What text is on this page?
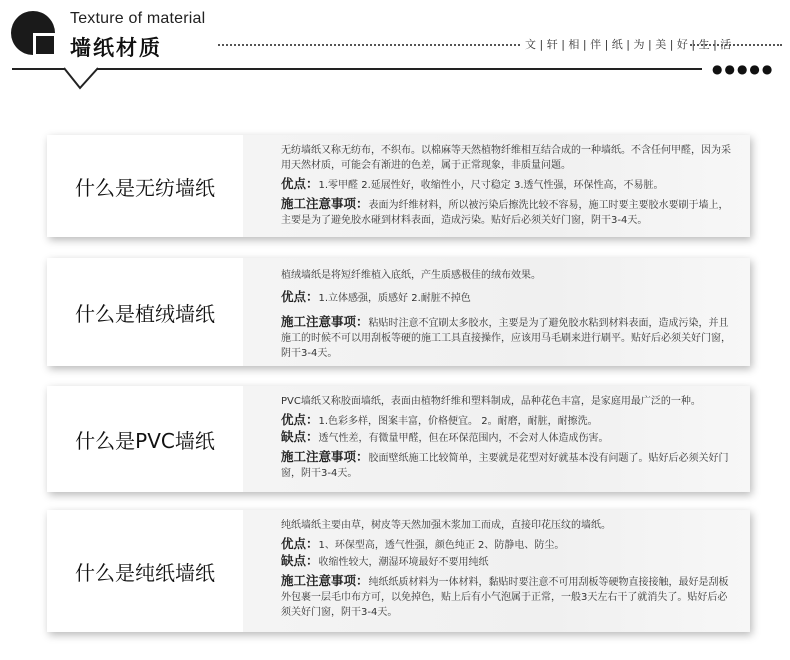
Texture of material
墙纸材质	文 | 轩 | 相 | 伴 | 纸 | 为 | 美 | 好 | 生 | 活
●●●●●
什么是无纺墙纸

无纺墙纸又称无纺布，不织布。以棉麻等天然植物纤维相互结合成的一种墙纸。不含任何甲醛，因为采用天然材质，可能会有渐进的色差，属于正常现象，非质量问题。

优点：1.零甲醛 2.延展性好，收缩性小，尺寸稳定 3.透气性强，环保性高，不易脏。

施工注意事项：表面为纤维材料，所以被污染后擦洗比较不容易，施工时要主要胶水要刷于墙上，主要是为了避免胶水碰到材料表面，造成污染。贴好后必须关好门窗，阴干3-4天。

什么是植绒墙纸

植绒墙纸是将短纤维植入底纸，产生质感极佳的绒布效果。

优点：1.立体感强，质感好 2.耐脏不掉色

施工注意事项：粘贴时注意不宜刷太多胶水，主要是为了避免胶水粘到材料表面，造成污染，并且施工的时候不可以用刮板等硬的施工工具直接操作，应该用马毛刷来进行刷平。贴好后必须关好门窗，阴干3-4天。

什么是PVC墙纸

PVC墙纸又称胶面墙纸，表面由植物纤维和塑料制成，品种花色丰富，是家庭用最广泛的一种。

优点：1.色彩多样，图案丰富，价格便宜。 2。耐磨，耐脏，耐擦洗。

缺点：透气性差，有微量甲醛，但在环保范围内，不会对人体造成伤害。

施工注意事项：胶面壁纸施工比较简单，主要就是花型对好就基本没有问题了。贴好后必须关好门窗，阴干3-4天。

什么是纯纸墙纸

纯纸墙纸主要由草，树皮等天然加强木浆加工而成，直接印花压纹的墙纸。

优点：1、环保型高，透气性强，颜色纯正 2、防静电、防尘。

缺点：收缩性较大，潮湿环境最好不要用纯纸

施工注意事项：纯纸纸质材料为一体材料，黏贴时要注意不可用刮板等硬物直接接触，最好是刮板外包裹一层毛巾布方可，以免掉色，贴上后有小气泡属于正常，一般3天左右干了就消失了。贴好后必须关好门窗，阴干3-4天。
